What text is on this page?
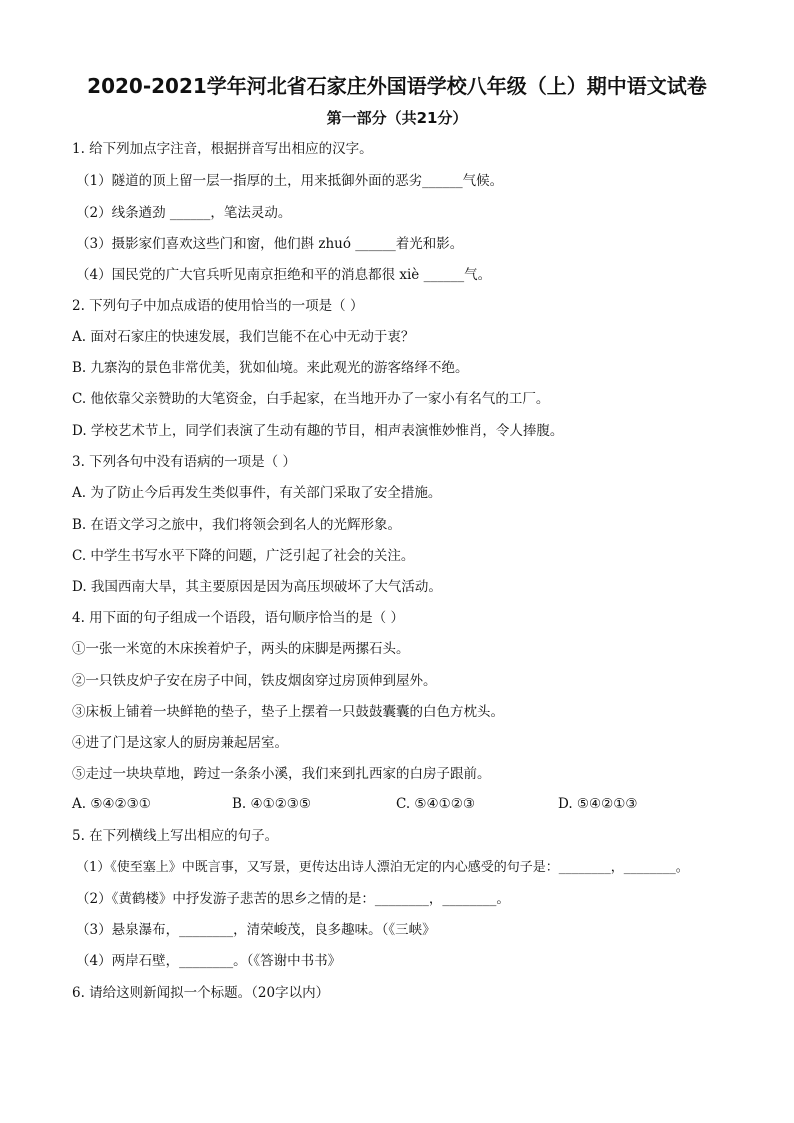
2020-2021学年河北省石家庄外国语学校八年级（上）期中语文试卷
第一部分（共21分）
1. 给下列加点字注音，根据拼音写出相应的汉字。
（1）隧道的顶上留一层一指厚的土，用来抵御外面的恶劣______气候。
（2）线条遒劲 ______，笔法灵动。
（3）摄影家们喜欢这些门和窗，他们斟 zhuó ______着光和影。
（4）国民党的广大官兵听见南京拒绝和平的消息都很 xiè ______气。
2. 下列句子中加点成语的使用恰当的一项是（ ）
A. 面对石家庄的快速发展，我们岂能不在心中无动于衷？
B. 九寨沟的景色非常优美，犹如仙境。来此观光的游客络绎不绝。
C. 他依靠父亲赞助的大笔资金，白手起家，在当地开办了一家小有名气的工厂。
D. 学校艺术节上，同学们表演了生动有趣的节目，相声表演惟妙惟肖，令人捧腹。
3. 下列各句中没有语病的一项是（ ）
A. 为了防止今后再发生类似事件，有关部门采取了安全措施。
B. 在语文学习之旅中，我们将领会到名人的光辉形象。
C. 中学生书写水平下降的问题，广泛引起了社会的关注。
D. 我国西南大旱，其主要原因是因为高压坝破坏了大气活动。
4. 用下面的句子组成一个语段，语句顺序恰当的是（ ）
①一张一米宽的木床挨着炉子，两头的床脚是两摞石头。
②一只铁皮炉子安在房子中间，铁皮烟囱穿过房顶伸到屋外。
③床板上铺着一块鲜艳的垫子，垫子上摆着一只鼓鼓囊囊的白色方枕头。
④进了门是这家人的厨房兼起居室。
⑤走过一块块草地，跨过一条条小溪，我们来到扎西家的白房子跟前。
A. ⑤④②③①	B. ④①②③⑤	C. ⑤④①②③	D. ⑤④②①③
5. 在下列横线上写出相应的句子。
（1）《使至塞上》中既言事，又写景，更传达出诗人漂泊无定的内心感受的句子是：________，________。
（2）《黄鹤楼》中抒发游子悲苦的思乡之情的是：________，________。
（3）悬泉瀑布，________，清荣峻茂，良多趣味。（《三峡》
（4）两岸石壁，________。（《答谢中书书》
6. 请给这则新闻拟一个标题。（20字以内）
